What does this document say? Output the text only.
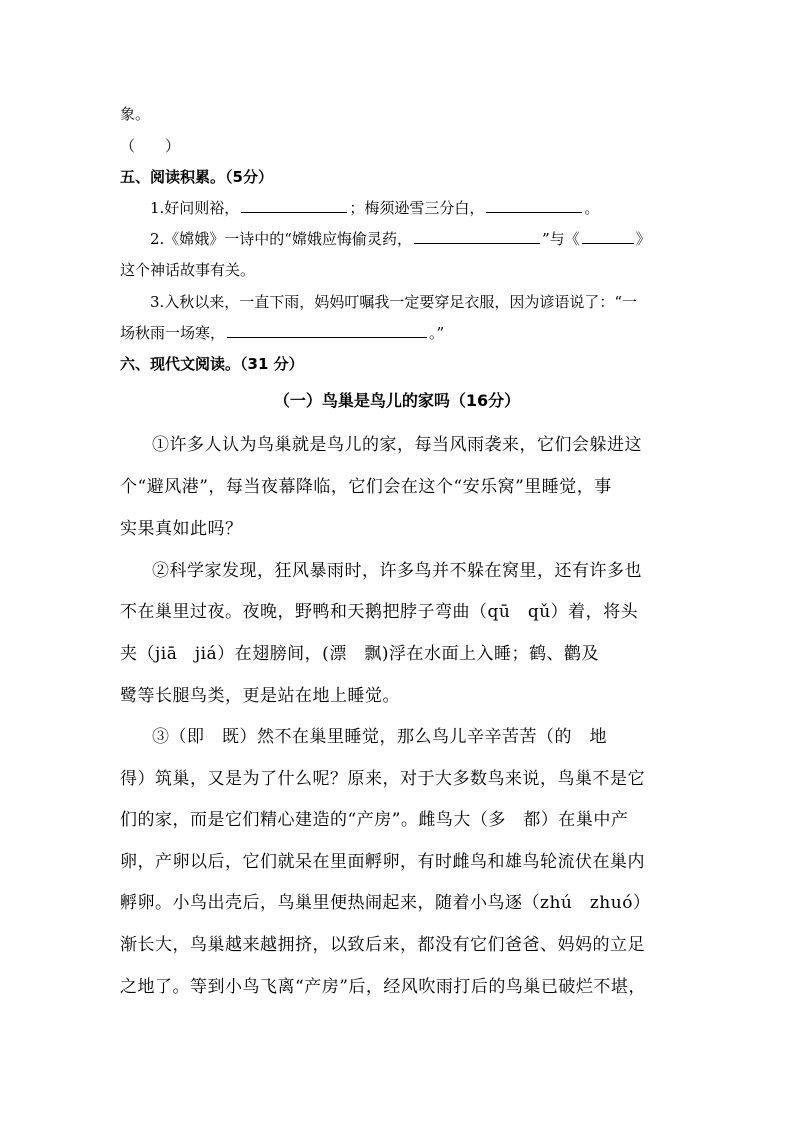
象。
（　　）
五、阅读积累。（5分）
1.好问则裕，	；梅须逊雪三分白，	。
2.《嫦娥》一诗中的“嫦娥应悔偷灵药，	”与《	》
这个神话故事有关。
3.入秋以来，一直下雨，妈妈叮嘱我一定要穿足衣服，因为谚语说了：“一
场秋雨一场寒，	。”
六、现代文阅读。（31 分）
（一）鸟巢是鸟儿的家吗（16分）
①许多人认为鸟巢就是鸟儿的家，每当风雨袭来，它们会躲进这
个“避风港”，每当夜幕降临，它们会在这个“安乐窝”里睡觉，事
实果真如此吗？
②科学家发现，狂风暴雨时，许多鸟并不躲在窝里，还有许多也
不在巢里过夜。夜晚，野鸭和天鹅把脖子弯曲（qū　qǔ）着，将头
夹（jiā　jiá）在翅膀间，(漂　飘)浮在水面上入睡；鹤、鹳及
鹭等长腿鸟类，更是站在地上睡觉。
③（即　既）然不在巢里睡觉，那么鸟儿辛辛苦苦（的　地
得）筑巢，又是为了什么呢？原来，对于大多数鸟来说，鸟巢不是它
们的家，而是它们精心建造的“产房”。雌鸟大（多　都）在巢中产
卵，产卵以后，它们就呆在里面孵卵，有时雌鸟和雄鸟轮流伏在巢内
孵卵。小鸟出壳后，鸟巢里便热闹起来，随着小鸟逐（zhú　zhuó）
渐长大，鸟巢越来越拥挤，以致后来，都没有它们爸爸、妈妈的立足
之地了。等到小鸟飞离“产房”后，经风吹雨打后的鸟巢已破烂不堪，
